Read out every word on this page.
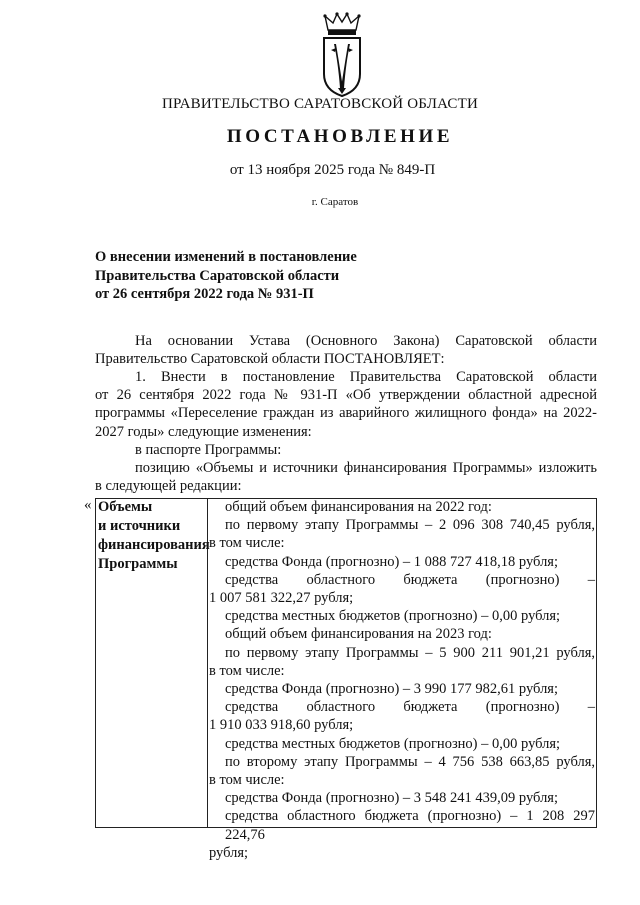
ПРАВИТЕЛЬСТВО САРАТОВСКОЙ ОБЛАСТИ
ПОСТАНОВЛЕНИЕ
от 13 ноября 2025 года № 849-П
г. Саратов
О внесении изменений в постановление
Правительства Саратовской области
от 26 сентября 2022 года № 931-П
На основании Устава (Основного Закона) Саратовской области
Правительство Саратовской области ПОСТАНОВЛЯЕТ:
1. Внести в постановление Правительства Саратовской области
от 26 сентября 2022 года № 931-П «Об утверждении областной адресной
программы «Переселение граждан из аварийного жилищного фонда» на 2022-
2027 годы» следующие изменения:
в паспорте Программы:
позицию «Объемы и источники финансирования Программы» изложить
в следующей редакции:
« Объемы
и источники
финансирования
Программы
общий объем финансирования на 2022 год:
по первому этапу Программы – 2 096 308 740,45 рубля,
в том числе:
средства Фонда (прогнозно) – 1 088 727 418,18 рубля;
средства областного бюджета (прогнозно) –
1 007 581 322,27 рубля;
средства местных бюджетов (прогнозно) – 0,00 рубля;
общий объем финансирования на 2023 год:
по первому этапу Программы – 5 900 211 901,21 рубля,
в том числе:
средства Фонда (прогнозно) – 3 990 177 982,61 рубля;
средства областного бюджета (прогнозно) –
1 910 033 918,60 рубля;
средства местных бюджетов (прогнозно) – 0,00 рубля;
по второму этапу Программы – 4 756 538 663,85 рубля,
в том числе:
средства Фонда (прогнозно) – 3 548 241 439,09 рубля;
средства областного бюджета (прогнозно) – 1 208 297 224,76
рубля;
